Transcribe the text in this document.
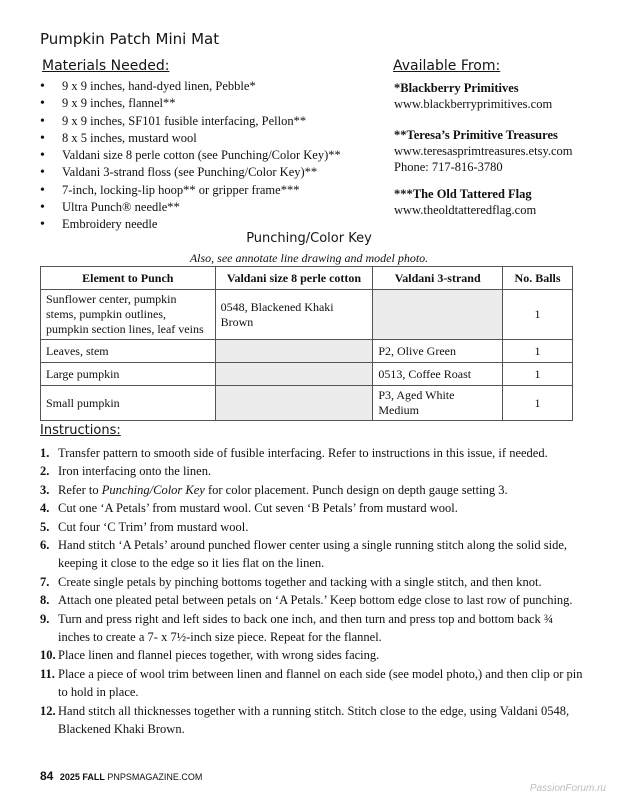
Pumpkin Patch Mini Mat
Materials Needed:
• 9 x 9 inches, hand-dyed linen, Pebble*
• 9 x 9 inches, flannel**
• 9 x 9 inches, SF101 fusible interfacing, Pellon**
• 8 x 5 inches, mustard wool
• Valdani size 8 perle cotton (see Punching/Color Key)**
• Valdani 3-strand floss (see Punching/Color Key)**
• 7-inch, locking-lip hoop** or gripper frame***
• Ultra Punch® needle**
• Embroidery needle
Available From:
*Blackberry Primitives
www.blackberryprimitives.com
**Teresa’s Primitive Treasures
www.teresasprimtreasures.etsy.com
Phone: 717-816-3780
***The Old Tattered Flag
www.theoldtatteredflag.com
Punching/Color Key
Also, see annotate line drawing and model photo.
Element to Punch	Valdani size 8 perle cotton	Valdani 3-strand	No. Balls
Sunflower center, pumpkin stems, pumpkin outlines, pumpkin section lines, leaf veins	0548, Blackened Khaki Brown		1
Leaves, stem		P2, Olive Green	1
Large pumpkin		0513, Coffee Roast	1
Small pumpkin		P3, Aged White Medium	1
Instructions:
1. Transfer pattern to smooth side of fusible interfacing. Refer to instructions in this issue, if needed.
2. Iron interfacing onto the linen.
3. Refer to Punching/Color Key for color placement. Punch design on depth gauge setting 3.
4. Cut one ‘A Petals’ from mustard wool. Cut seven ‘B Petals’ from mustard wool.
5. Cut four ‘C Trim’ from mustard wool.
6. Hand stitch ‘A Petals’ around punched flower center using a single running stitch along the solid side, keeping it close to the edge so it lies flat on the linen.
7. Create single petals by pinching bottoms together and tacking with a single stitch, and then knot.
8. Attach one pleated petal between petals on ‘A Petals.’ Keep bottom edge close to last row of punching.
9. Turn and press right and left sides to back one inch, and then turn and press top and bottom back ¾ inches to create a 7- x 7½-inch size piece. Repeat for the flannel.
10. Place linen and flannel pieces together, with wrong sides facing.
11. Place a piece of wool trim between linen and flannel on each side (see model photo,) and then clip or pin to hold in place.
12. Hand stitch all thicknesses together with a running stitch. Stitch close to the edge, using Valdani 0548, Blackened Khaki Brown.
84 2025 FALL PNPSMAGAZINE.COM
PassionForum.ru
